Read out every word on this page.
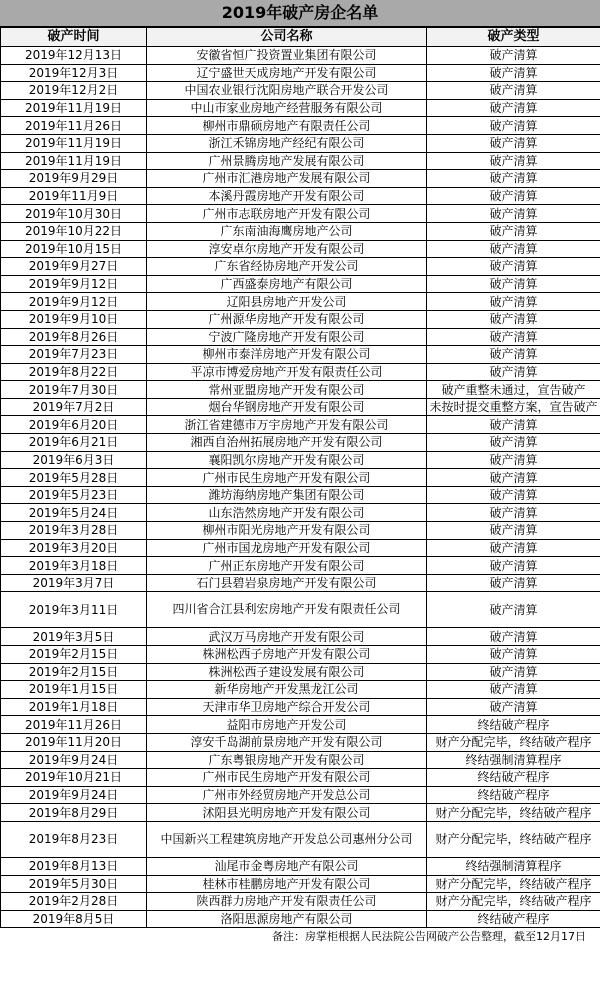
2019年破产房企名单
破产时间	公司名称	破产类型
2019年12月13日	安徽省恒广投资置业集团有限公司	破产清算
2019年12月3日	辽宁盛世天成房地产开发有限公司	破产清算
2019年12月2日	中国农业银行沈阳房地产联合开发公司	破产清算
2019年11月19日	中山市家业房地产经营服务有限公司	破产清算
2019年11月26日	柳州市鼎硕房地产有限责任公司	破产清算
2019年11月19日	浙江禾锦房地产经纪有限公司	破产清算
2019年11月19日	广州景腾房地产发展有限公司	破产清算
2019年9月29日	广州市汇港房地产发展有限公司	破产清算
2019年11月9日	本溪丹霞房地产开发有限公司	破产清算
2019年10月30日	广州市志联房地产开发有限公司	破产清算
2019年10月22日	广东南油海鹰房地产公司	破产清算
2019年10月15日	淳安卓尔房地产开发有限公司	破产清算
2019年9月27日	广东省经协房地产开发公司	破产清算
2019年9月12日	广西盛泰房地产有限公司	破产清算
2019年9月12日	辽阳县房地产开发公司	破产清算
2019年9月10日	广州源华房地产开发有限公司	破产清算
2019年8月26日	宁波广隆房地产开发有限公司	破产清算
2019年7月23日	柳州市泰洋房地产开发有限公司	破产清算
2019年8月22日	平凉市博爱房地产开发有限责任公司	破产清算
2019年7月30日	常州亚盟房地产开发有限公司	破产重整未通过，宣告破产
2019年7月2日	烟台华钢房地产开发有限公司	未按时提交重整方案，宣告破产
2019年6月20日	浙江省建德市万宇房地产开发有限公司	破产清算
2019年6月21日	湘西自治州拓展房地产开发有限公司	破产清算
2019年6月3日	襄阳凯尔房地产开发有限公司	破产清算
2019年5月28日	广州市民生房地产开发有限公司	破产清算
2019年5月23日	潍坊海纳房地产集团有限公司	破产清算
2019年5月24日	山东浩然房地产开发有限公司	破产清算
2019年3月28日	柳州市阳光房地产开发有限公司	破产清算
2019年3月20日	广州市国龙房地产开发有限公司	破产清算
2019年3月18日	广州正东房地产开发有限公司	破产清算
2019年3月7日	石门县碧岩泉房地产开发有限公司	破产清算
2019年3月11日	四川省合江县利宏房地产开发有限责任公司	破产清算
2019年3月5日	武汉万马房地产开发有限公司	破产清算
2019年2月15日	株洲松西子房地产开发有限公司	破产清算
2019年2月15日	株洲松西子建设发展有限公司	破产清算
2019年1月15日	新华房地产开发黑龙江公司	破产清算
2019年1月18日	天津市华卫房地产综合开发公司	破产清算
2019年11月26日	益阳市房地产开发公司	终结破产程序
2019年11月20日	淳安千岛湖前景房地产开发有限公司	财产分配完毕，终结破产程序
2019年9月24日	广东粤银房地产开发有限公司	终结强制清算程序
2019年10月21日	广州市民生房地产开发有限公司	终结破产程序
2019年9月24日	广州市外经贸房地产开发总公司	终结破产程序
2019年8月29日	沭阳县光明房地产开发有限公司	财产分配完毕，终结破产程序
2019年8月23日	中国新兴工程建筑房地产开发总公司惠州分公司	财产分配完毕，终结破产程序
2019年8月13日	汕尾市金粤房地产有限公司	终结强制清算程序
2019年5月30日	桂林市桂鹏房地产开发有限公司	财产分配完毕，终结破产程序
2019年2月28日	陕西群力房地产开发有限责任公司	财产分配完毕，终结破产程序
2019年8月5日	洛阳思源房地产有限公司	终结破产程序
备注：房掌柜根据人民法院公告网破产公告整理，截至12月17日
